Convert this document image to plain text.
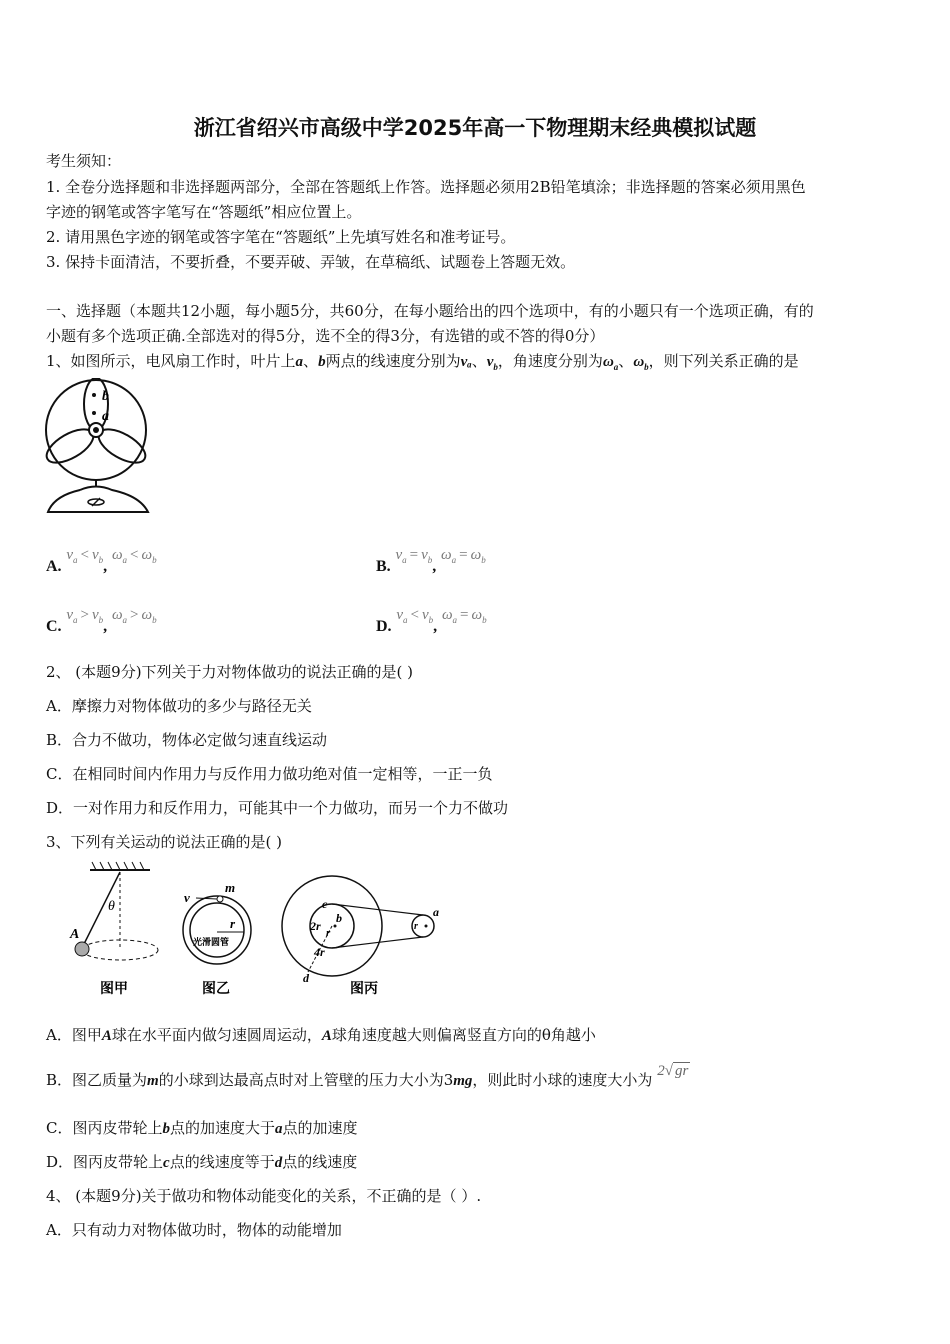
浙江省绍兴市高级中学2025年高一下物理期末经典模拟试题
考生须知：
1. 全卷分选择题和非选择题两部分，全部在答题纸上作答。选择题必须用2B铅笔填涂；非选择题的答案必须用黑色
字迹的钢笔或答字笔写在“答题纸”相应位置上。
2. 请用黑色字迹的钢笔或答字笔在“答题纸”上先填写姓名和准考证号。
3. 保持卡面清洁，不要折叠，不要弄破、弄皱，在草稿纸、试题卷上答题无效。
一、选择题（本题共12小题，每小题5分，共60分，在每小题给出的四个选项中，有的小题只有一个选项正确，有的
小题有多个选项正确.全部选对的得5分，选不全的得3分，有选错的或不答的得0分）
1、如图所示，电风扇工作时，叶片上a、b两点的线速度分别为vₐ、$v_b$，角速度分别为$\omega_a$、$\omega_b$，则下列关系正确的是
b
a
A. $v_a < v_b$, $\omega_a < \omega_b$	B. $v_a = v_b$, $\omega_a = \omega_b$
C. $v_a > v_b$, $\omega_a > \omega_b$	D. $v_a < v_b$, $\omega_a = \omega_b$
2、 (本题9分)下列关于力对物体做功的说法正确的是( )
A．摩擦力对物体做功的多少与路径无关
B．合力不做功，物体必定做匀速直线运动
C．在相同时间内作用力与反作用力做功绝对值一定相等，一正一负
D．一对作用力和反作用力，可能其中一个力做功，而另一个力不做功
3、下列有关运动的说法正确的是( )
θ
A
图甲
v
m
r
光滑圆管
图乙
c
b	a
d
2r r
4r
r
图丙
A．图甲A球在水平面内做匀速圆周运动，A球角速度越大则偏离竖直方向的θ角越小
B．图乙质量为m的小球到达最高点时对上管壁的压力大小为3mg，则此时小球的速度大小为 2√ gr
C．图丙皮带轮上b点的加速度大于a点的加速度
D．图丙皮带轮上c点的线速度等于d点的线速度
4、 (本题9分)关于做功和物体动能变化的关系，不正确的是（ ）.
A．只有动力对物体做功时，物体的动能增加
